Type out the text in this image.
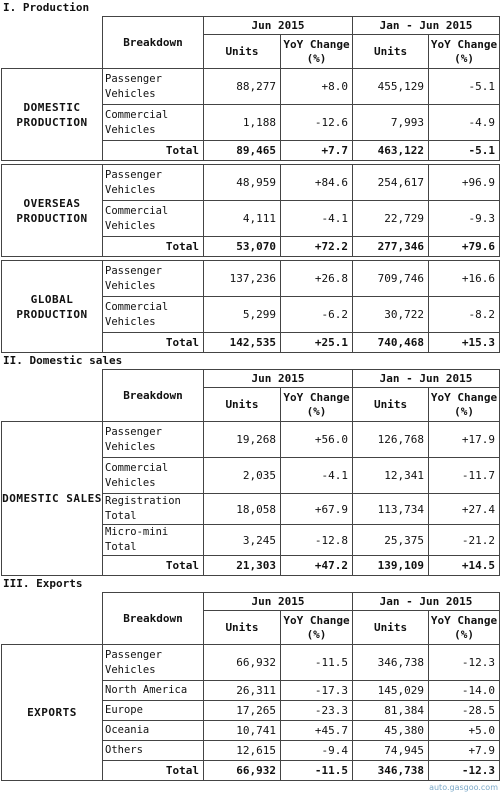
I. Production
	Breakdown	Jun 2015		Jan - Jun 2015	
		Units	YoY Change (%)	Units	YoY Change (%)
DOMESTIC PRODUCTION	Passenger Vehicles	88,277	+8.0	455,129	-5.1
	Commercial Vehicles	1,188	-12.6	7,993	-4.9
	Total	89,465	+7.7	463,122	-5.1

OVERSEAS PRODUCTION	Passenger Vehicles	48,959	+84.6	254,617	+96.9
	Commercial Vehicles	4,111	-4.1	22,729	-9.3
	Total	53,070	+72.2	277,346	+79.6

GLOBAL PRODUCTION	Passenger Vehicles	137,236	+26.8	709,746	+16.6
	Commercial Vehicles	5,299	-6.2	30,722	-8.2
	Total	142,535	+25.1	740,468	+15.3
II. Domestic sales
	Breakdown	Jun 2015		Jan - Jun 2015	
		Units	YoY Change (%)	Units	YoY Change (%)
DOMESTIC SALES	Passenger Vehicles	19,268	+56.0	126,768	+17.9
	Commercial Vehicles	2,035	-4.1	12,341	-11.7
	Registration Total	18,058	+67.9	113,734	+27.4
	Micro-mini Total	3,245	-12.8	25,375	-21.2
	Total	21,303	+47.2	139,109	+14.5
III. Exports
	Breakdown	Jun 2015		Jan - Jun 2015	
		Units	YoY Change (%)	Units	YoY Change (%)
EXPORTS	Passenger Vehicles	66,932	-11.5	346,738	-12.3
	North America	26,311	-17.3	145,029	-14.0
	Europe	17,265	-23.3	81,384	-28.5
	Oceania	10,741	+45.7	45,380	+5.0
	Others	12,615	-9.4	74,945	+7.9
	Total	66,932	-11.5	346,738	-12.3
auto.gasgoo.com
